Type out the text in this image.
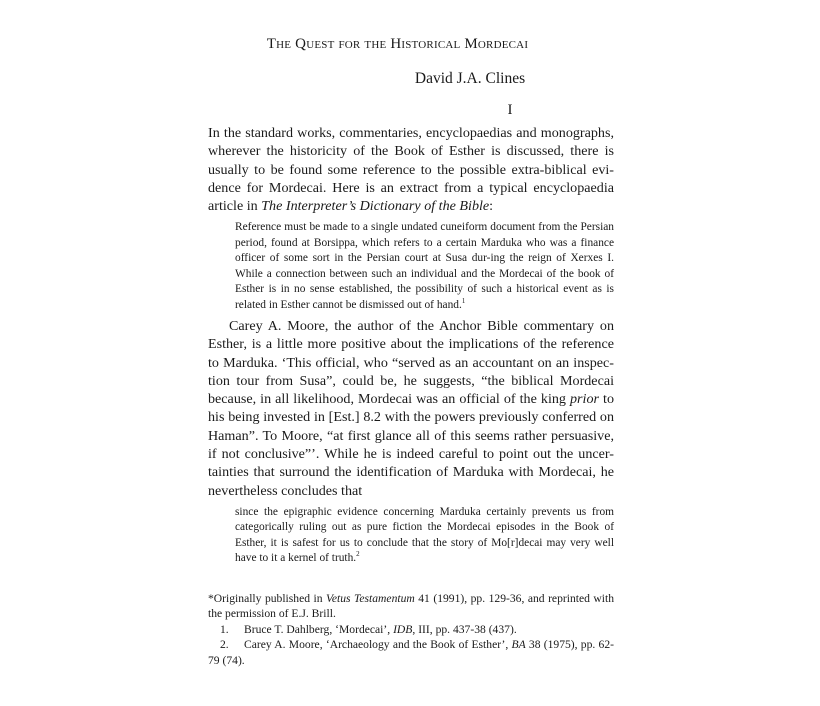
The Quest for the Historical Mordecai
David J.A. Clines
I

In the standard works, commentaries, encyclopaedias and monographs, wherever the historicity of the Book of Esther is discussed, there is usually to be found some reference to the possible extra-biblical evi-dence for Mordecai. Here is an extract from a typical encyclopaedia article in The Interpreter’s Dictionary of the Bible:

Reference must be made to a single undated cuneiform document from the Persian period, found at Borsippa, which refers to a certain Marduka who was a finance officer of some sort in the Persian court at Susa dur-ing the reign of Xerxes I. While a connection between such an individual and the Mordecai of the book of Esther is in no sense established, the possibility of such a historical event as is related in Esther cannot be dismissed out of hand.$^1$

Carey A. Moore, the author of the Anchor Bible commentary on Esther, is a little more positive about the implications of the reference to Marduka. ‘This official, who “served as an accountant on an inspec-tion tour from Susa”, could be, he suggests, “the biblical Mordecai because, in all likelihood, Mordecai was an official of the king prior to his being invested in [Est.] 8.2 with the powers previously conferred on Haman”. To Moore, “at first glance all of this seems rather persuasive, if not conclusive”’. While he is indeed careful to point out the uncer-tainties that surround the identification of Marduka with Mordecai, he nevertheless concludes that

since the epigraphic evidence concerning Marduka certainly prevents us from categorically ruling out as pure fiction the Mordecai episodes in the Book of Esther, it is safest for us to conclude that the story of Mo[r]decai may very well have to it a kernel of truth.$^2$

*Originally published in Vetus Testamentum 41 (1991), pp. 129-36, and reprinted with the permission of E.J. Brill.

1. Bruce T. Dahlberg, ‘Mordecai’, IDB, III, pp. 437-38 (437).

2. Carey A. Moore, ‘Archaeology and the Book of Esther’, BA 38 (1975), pp. 62-79 (74).
